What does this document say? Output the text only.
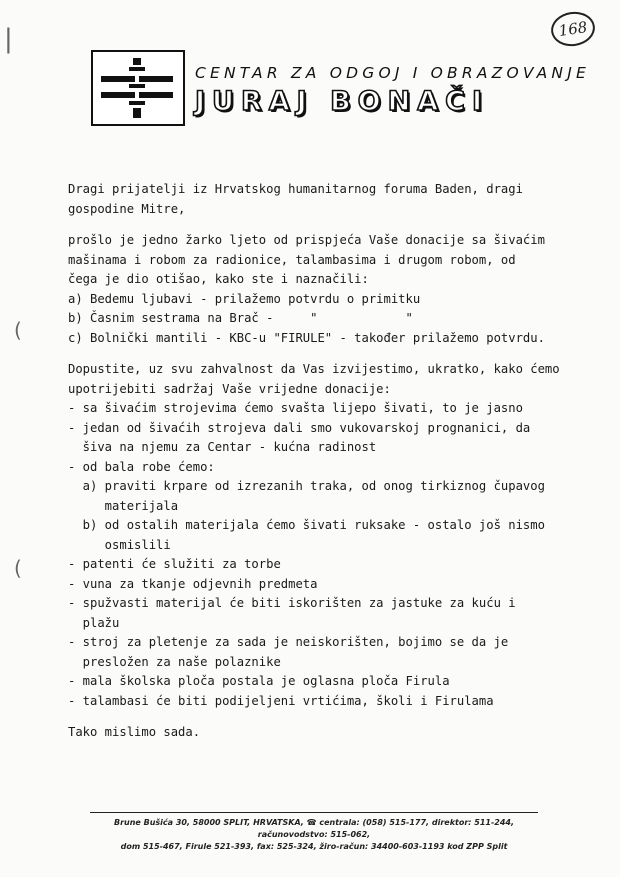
168
CENTAR ZA ODGOJ I OBRAZOVANJE
JURAJ BONAČI

Dragi prijatelji iz Hrvatskog humanitarnog foruma Baden, dragi

gospodine Mitre,

prošlo je jedno žarko ljeto od prispjeća Vaše donacije sa šivaćim

mašinama i robom za radionice, talambasima i drugom robom, od

čega je dio otišao, kako ste i naznačili:

a) Bedemu ljubavi - prilažemo potvrdu o primitku

b) Časnim sestrama na Brač -     "            "

c) Bolnički mantili - KBC-u "FIRULE" - također prilažemo potvrdu.

Dopustite, uz svu zahvalnost da Vas izvijestimo, ukratko, kako ćemo

upotrijebiti sadržaj Vaše vrijedne donacije:

- sa šivaćim strojevima ćemo svašta lijepo šivati, to je jasno

- jedan od šivaćih strojeva dali smo vukovarskoj prognanici, da

šiva na njemu za Centar - kućna radinost

- od bala robe ćemo:

a) praviti krpare od izrezanih traka, od onog tirkiznog čupavog

materijala

b) od ostalih materijala ćemo šivati ruksake - ostalo još nismo

osmislili

- patenti će služiti za torbe

- vuna za tkanje odjevnih predmeta

- spužvasti materijal će biti iskorišten za jastuke za kuću i

plažu

- stroj za pletenje za sada je neiskorišten, bojimo se da je

presložen za naše polaznike

- mala školska ploča postala je oglasna ploča Firula

- talambasi će biti podijeljeni vrtićima, školi i Firulama

Tako mislimo sada.

Brune Bušića 30, 58000 SPLIT, HRVATSKA, ☎ centrala: (058) 515-177, direktor: 511-244, računovodstvo: 515-062,
dom 515-467, Firule 521-393, fax: 525-324, žiro-račun: 34400-603-1193 kod ZPP Split
|
(
(
